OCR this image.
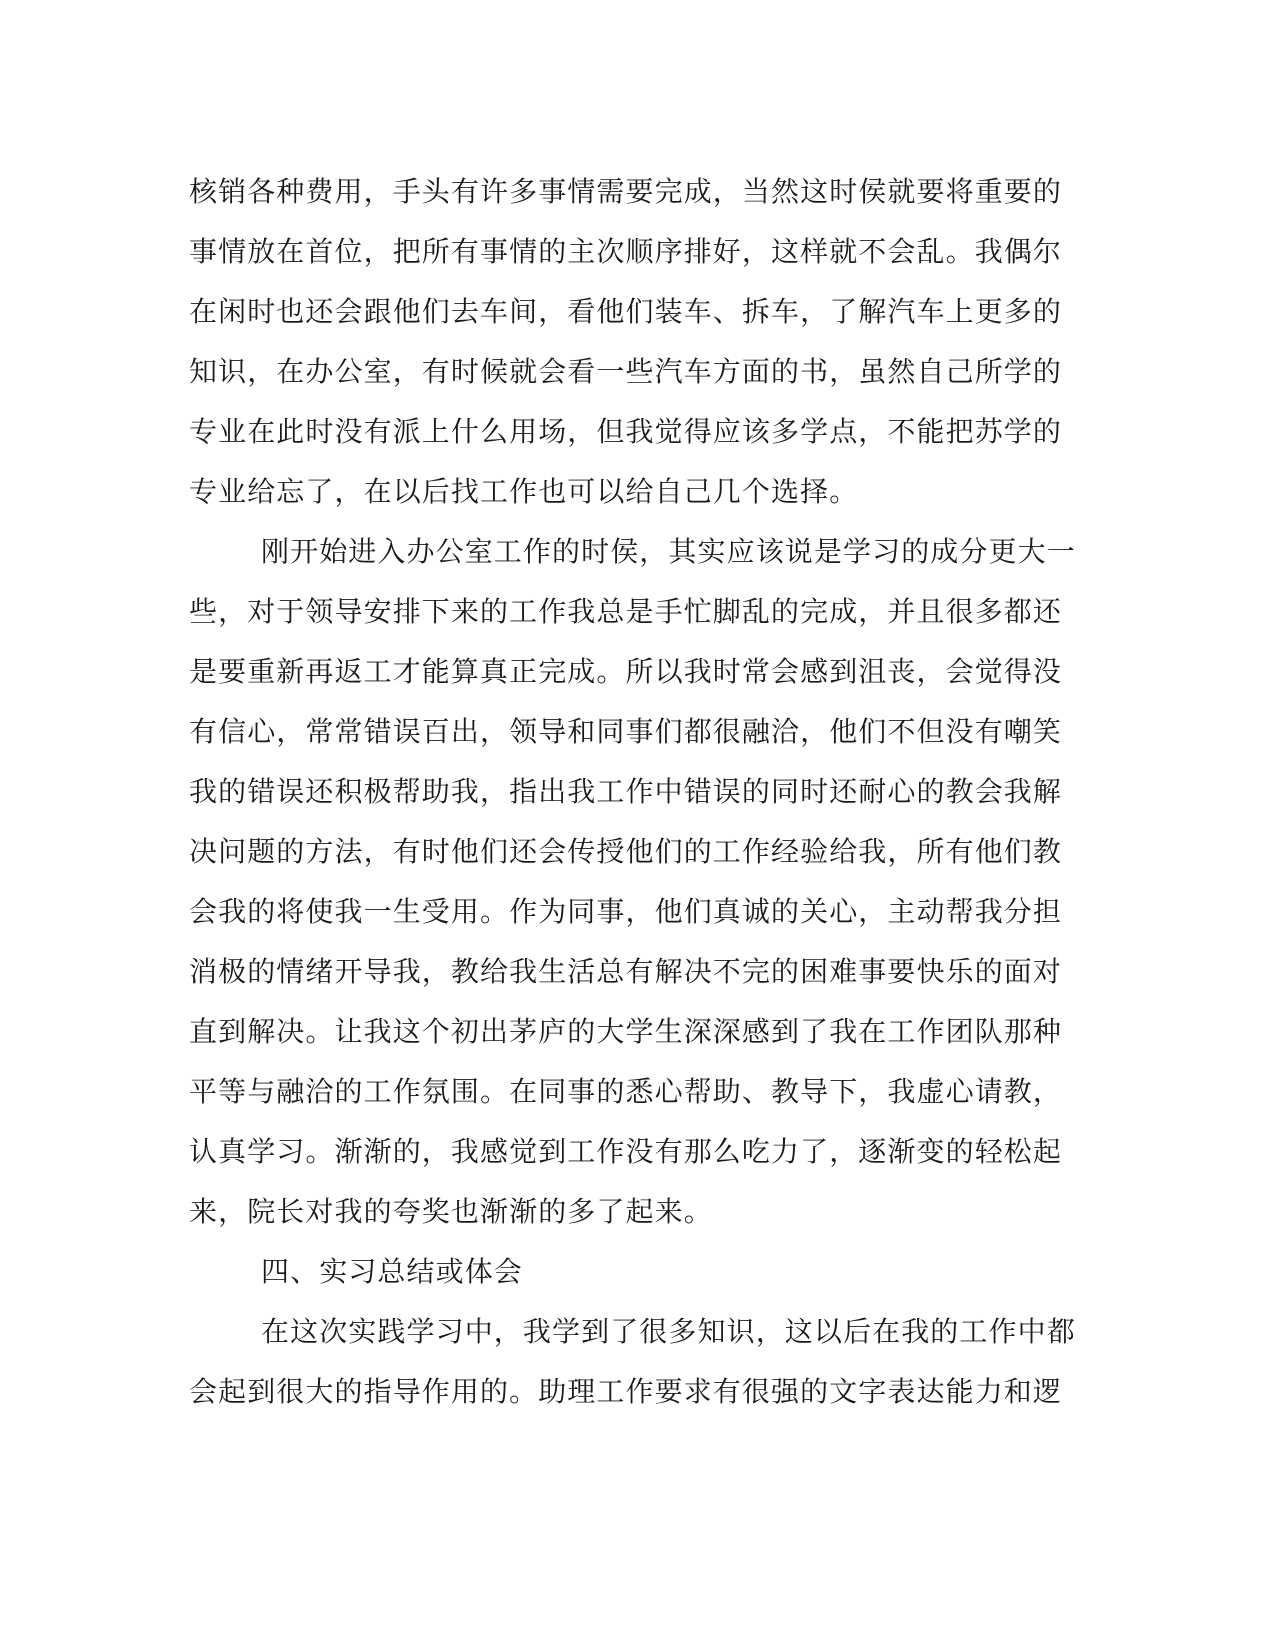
核销各种费用，手头有许多事情需要完成，当然这时侯就要将重要的
事情放在首位，把所有事情的主次顺序排好，这样就不会乱。我偶尔
在闲时也还会跟他们去车间，看他们装车、拆车，了解汽车上更多的
知识，在办公室，有时候就会看一些汽车方面的书，虽然自己所学的
专业在此时没有派上什么用场，但我觉得应该多学点，不能把苏学的
专业给忘了，在以后找工作也可以给自己几个选择。
刚开始进入办公室工作的时侯，其实应该说是学习的成分更大一
些，对于领导安排下来的工作我总是手忙脚乱的完成，并且很多都还
是要重新再返工才能算真正完成。所以我时常会感到沮丧，会觉得没
有信心，常常错误百出，领导和同事们都很融洽，他们不但没有嘲笑
我的错误还积极帮助我，指出我工作中错误的同时还耐心的教会我解
决问题的方法，有时他们还会传授他们的工作经验给我，所有他们教
会我的将使我一生受用。作为同事，他们真诚的关心，主动帮我分担
消极的情绪开导我，教给我生活总有解决不完的困难事要快乐的面对
直到解决。让我这个初出茅庐的大学生深深感到了我在工作团队那种
平等与融洽的工作氛围。在同事的悉心帮助、教导下，我虚心请教，
认真学习。渐渐的，我感觉到工作没有那么吃力了，逐渐变的轻松起
来，院长对我的夸奖也渐渐的多了起来。
四、实习总结或体会
在这次实践学习中，我学到了很多知识，这以后在我的工作中都
会起到很大的指导作用的。助理工作要求有很强的文字表达能力和逻
